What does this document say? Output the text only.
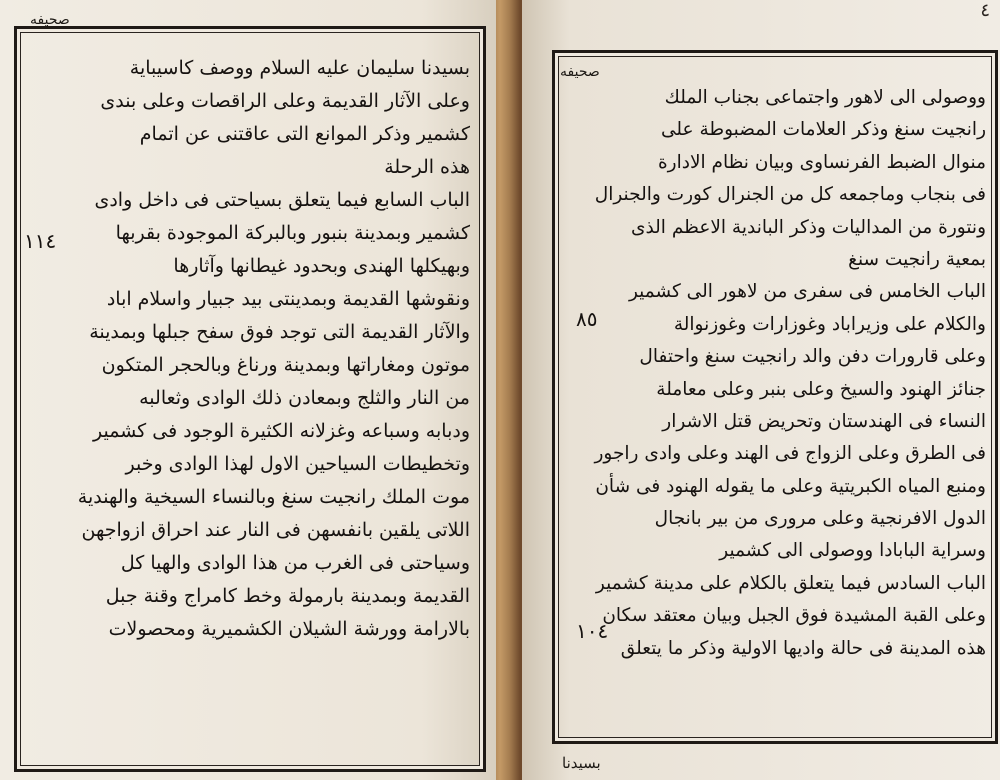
صحيفه
بسيدنا سليمان عليه السلام ووصف كاسيباية
وعلى الآثار القديمة وعلى الراقصات وعلى بندى
كشمير وذكر الموانع التى عاقتنى عن اتمام
هذه الرحلة
الباب السابع فيما يتعلق بسياحتى فى داخل وادى
كشمير وبمدينة بنبور وبالبركة الموجودة بقربها
وبهيكلها الهندى وبحدود غيطانها وآثارها
ونقوشها القديمة وبمدينتى بيد جبيار واسلام اباد
والآثار القديمة التى توجد فوق سفح جبلها وبمدينة
موتون ومغاراتها وبمدينة ورناغ وبالحجر المتكون
من النار والثلج وبمعادن ذلك الوادى وثعالبه
ودبابه وسباعه وغزلانه الكثيرة الوجود فى كشمير
وتخطيطات السياحين الاول لهذا الوادى وخبر
موت الملك رانجيت سنغ وبالنساء السيخية والهندية
اللاتى يلقين بانفسهن فى النار عند احراق ازواجهن
وسياحتى فى الغرب من هذا الوادى والهيا كل
القديمة وبمدينة بارمولة وخط كامراج وقنة جبل
بالارامة وورشة الشيلان الكشميرية ومحصولات
١١٤
٤
صحيفه
ووصولى الى لاهور واجتماعى بجناب الملك
رانجيت سنغ وذكر العلامات المضبوطة على
منوال الضبط الفرنساوى وبيان نظام الادارة
فى بنجاب وماجمعه كل من الجنرال كورت والجنرال
ونتورة من المداليات وذكر الباندية الاعظم الذى
بمعية رانجيت سنغ
الباب الخامس فى سفرى من لاهور الى كشمير
والكلام على وزيراباد وغوزارات وغوزنوالة
وعلى قارورات دفن والد رانجيت سنغ واحتفال
جنائز الهنود والسيخ وعلى بنبر وعلى معاملة
النساء فى الهندستان وتحريض قتل الاشرار
فى الطرق وعلى الزواج فى الهند وعلى وادى راجور
ومنبع المياه الكبريتية وعلى ما يقوله الهنود فى شأن
الدول الافرنجية وعلى مرورى من بير بانجال
وسراية البابادا ووصولى الى كشمير
الباب السادس فيما يتعلق بالكلام على مدينة كشمير
وعلى القبة المشيدة فوق الجبل وبيان معتقد سكان
هذه المدينة فى حالة واديها الاولية وذكر ما يتعلق
٨٥
١٠٤
بسيدنا
